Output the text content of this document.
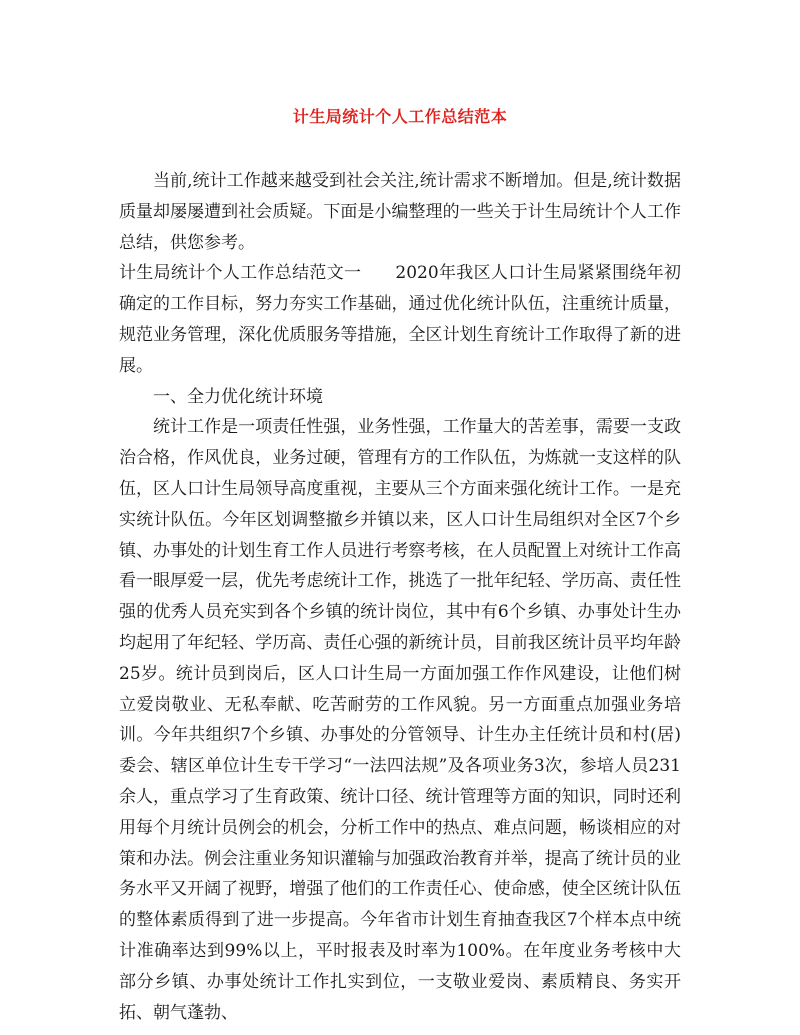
计生局统计个人工作总结范本

当前,统计工作越来越受到社会关注,统计需求不断增加。但是,统计数据质量却屡屡遭到社会质疑。下面是小编整理的一些关于计生局统计个人工作总结，供您参考。

计生局统计个人工作总结范文一 2020年我区人口计生局紧紧围绕年初确定的工作目标，努力夯实工作基础，通过优化统计队伍，注重统计质量，规范业务管理，深化优质服务等措施，全区计划生育统计工作取得了新的进展。

一、全力优化统计环境

统计工作是一项责任性强，业务性强，工作量大的苦差事，需要一支政治合格，作风优良，业务过硬，管理有方的工作队伍，为炼就一支这样的队伍，区人口计生局领导高度重视，主要从三个方面来强化统计工作。一是充实统计队伍。今年区划调整撤乡并镇以来，区人口计生局组织对全区7个乡镇、办事处的计划生育工作人员进行考察考核，在人员配置上对统计工作高看一眼厚爱一层，优先考虑统计工作，挑选了一批年纪轻、学历高、责任性强的优秀人员充实到各个乡镇的统计岗位，其中有6个乡镇、办事处计生办均起用了年纪轻、学历高、责任心强的新统计员，目前我区统计员平均年龄25岁。统计员到岗后，区人口计生局一方面加强工作作风建设，让他们树立爱岗敬业、无私奉献、吃苦耐劳的工作风貌。另一方面重点加强业务培训。今年共组织7个乡镇、办事处的分管领导、计生办主任统计员和村(居)委会、辖区单位计生专干学习“一法四法规”及各项业务3次，参培人员231余人，重点学习了生育政策、统计口径、统计管理等方面的知识，同时还利用每个月统计员例会的机会，分析工作中的热点、难点问题，畅谈相应的对策和办法。例会注重业务知识灌输与加强政治教育并举，提高了统计员的业务水平又开阔了视野，增强了他们的工作责任心、使命感，使全区统计队伍的整体素质得到了进一步提高。今年省市计划生育抽查我区7个样本点中统计准确率达到99%以上，平时报表及时率为100%。在年度业务考核中大部分乡镇、办事处统计工作扎实到位，一支敬业爱岗、素质精良、务实开拓、朝气蓬勃、
